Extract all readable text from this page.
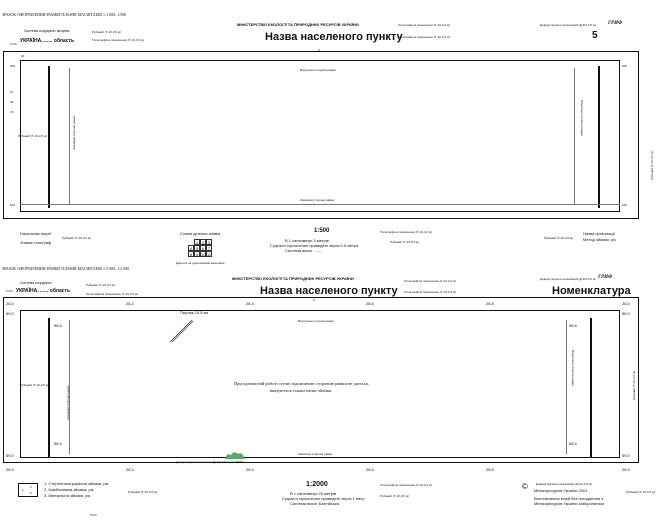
ЗРАЗОК ОФОРМЛЕННЯ РАМКИ ПЛАНІВ МАСШТАБІВ 1:1 000, 1:500
Система координат місцева
Глиб УКРАЇНА, ...... область
Рубаний (Т-10-3,5 м)
Топографічні позначення (Т-10-3,5 м)
МІНІСТЕРСТВО ЕКОЛОГІЇ ТА ПРИРОДНИХ РЕСУРСІВ УКРАЇНИ
Назва населеного пункту
Топографічні позначення (Т-10-4,0 м)
Топографічні позначення (Т-10-3,5 м)
Довідні підписи організацій (Д-4/0-3,5 м) ГРИФ
5
200
100
200
100
10
40
70
20
0
Внутрішня сторона рамки
Зовнішня сторона рамки
Зовнішня сторона рамки	Внутрішня сторона рамки
Рубаний (Т-10-3,5 м)
Рубаний (Т-10-3,5 м)
Начальник партії
Знімав топограф
Рубаний (Т-10-3,5 м)
Схема ділення знімка
1 2 3
4 5 6 7
8 9 10 11
Дається за додатковими вимогами
1:500
В 1 сантиметрі 5 метрів
Суцільні горизонталі проведені через 0.5 метра
Система висот ........
Топографічні позначення (Т-10-4,0 м)
Рубаний (Т-10-3,5 м)
Рубаний (Т-10-3,5 м)
Назва організації
Метод зйомки, рік
ЗРАЗОК ОФОРМЛЕННЯ РАМКИ ПЛАНІВ МАСШТАБІВ 1:5 000, 1:2 000
Система координат
Глиб УКРАЇНА, ...... область
Рубаний (Т-10-3,5 м)
Топографічні позначення (Т-10-3,5 м)
МІНІСТЕРСТВО ЕКОЛОГІЇ ТА ПРИРОДНИХ РЕСУРСІВ УКРАЇНИ
Назва населеного пункту
Топографічні позначення (Т-10-4,0 м)
Топографічні позначення (Т-10-3,5 м)
Довідні підписи організацій (Д-4/0-3,5 м) ГРИФ
Номенклатура
28.0	28.2	28.4	28.6	28.8	28.0
28.0	28.2	28.4	28.6	28.8	28.0
60.0
59.0
58.0
59.0
58.6	58.6
58.4	58.4
0
Внутрішня сторона рамки
Зовнішня сторона рамки
Зовнішня сторона рамки
Внутрішня сторона рамки
Рубаний (Т-10-3,5 м)	Рубаний (Т-10-3,5 м)
Перлик 10.5 км
При одночасній роботі стелю підписаною стороною рамки не дається,
вказуються тільки мітки зйомки
Довідні підписи позначені (Д-4/0-3,5 м) 10 ГРИФ
1
2
3
1. Стереотопографічна зйомка, рік
2. Комбінована зйомка, рік
3. Мензульна зйомка, рік
Рубаний (Т-10-3,5 м)
1:2000
В 1 сантиметрі 20 метрів
Суцільні горизонталі проведені через 1 метр
Система висот Балтійська
Топографічні позначення (Т-10-4,0 м)
Рубаний (Т-10-3,5 м)
© Мінекоресурсів України 2001
Виготовлення копій без погодження з
Мінекоресурсів України заборонятися
Довідні підписи організацій (Д-4/0-3,5 м)
Рубаний (Т-10-3,5 м)
Глиб
